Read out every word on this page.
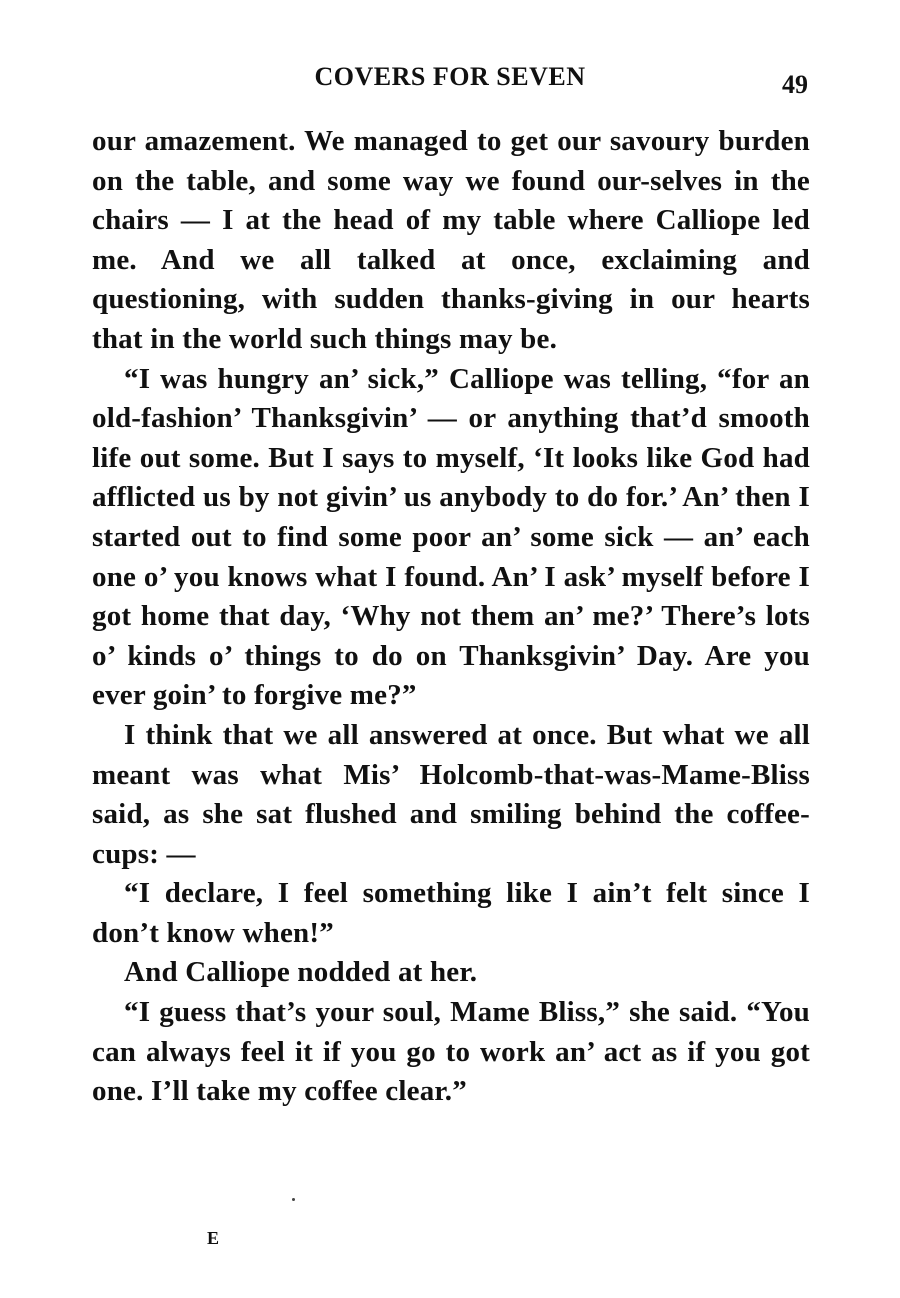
COVERS FOR SEVEN	49

our amazement. We managed to get our savoury burden on the table, and some way we found our-selves in the chairs — I at the head of my table where Calliope led me. And we all talked at once, exclaiming and questioning, with sudden thanks-giving in our hearts that in the world such things may be.

“I was hungry an’ sick,” Calliope was telling, “for an old-fashion’ Thanksgivin’ — or anything that’d smooth life out some. But I says to myself, ‘It looks like God had afflicted us by not givin’ us anybody to do for.’ An’ then I started out to find some poor an’ some sick — an’ each one o’ you knows what I found. An’ I ask’ myself before I got home that day, ‘Why not them an’ me?’ There’s lots o’ kinds o’ things to do on Thanksgivin’ Day. Are you ever goin’ to forgive me?”

I think that we all answered at once. But what we all meant was what Mis’ Holcomb-that-was-Mame-Bliss said, as she sat flushed and smiling behind the coffee-cups: —

“I declare, I feel something like I ain’t felt since I don’t know when!”

And Calliope nodded at her.

“I guess that’s your soul, Mame Bliss,” she said. “You can always feel it if you go to work an’ act as if you got one. I’ll take my coffee clear.”

E
